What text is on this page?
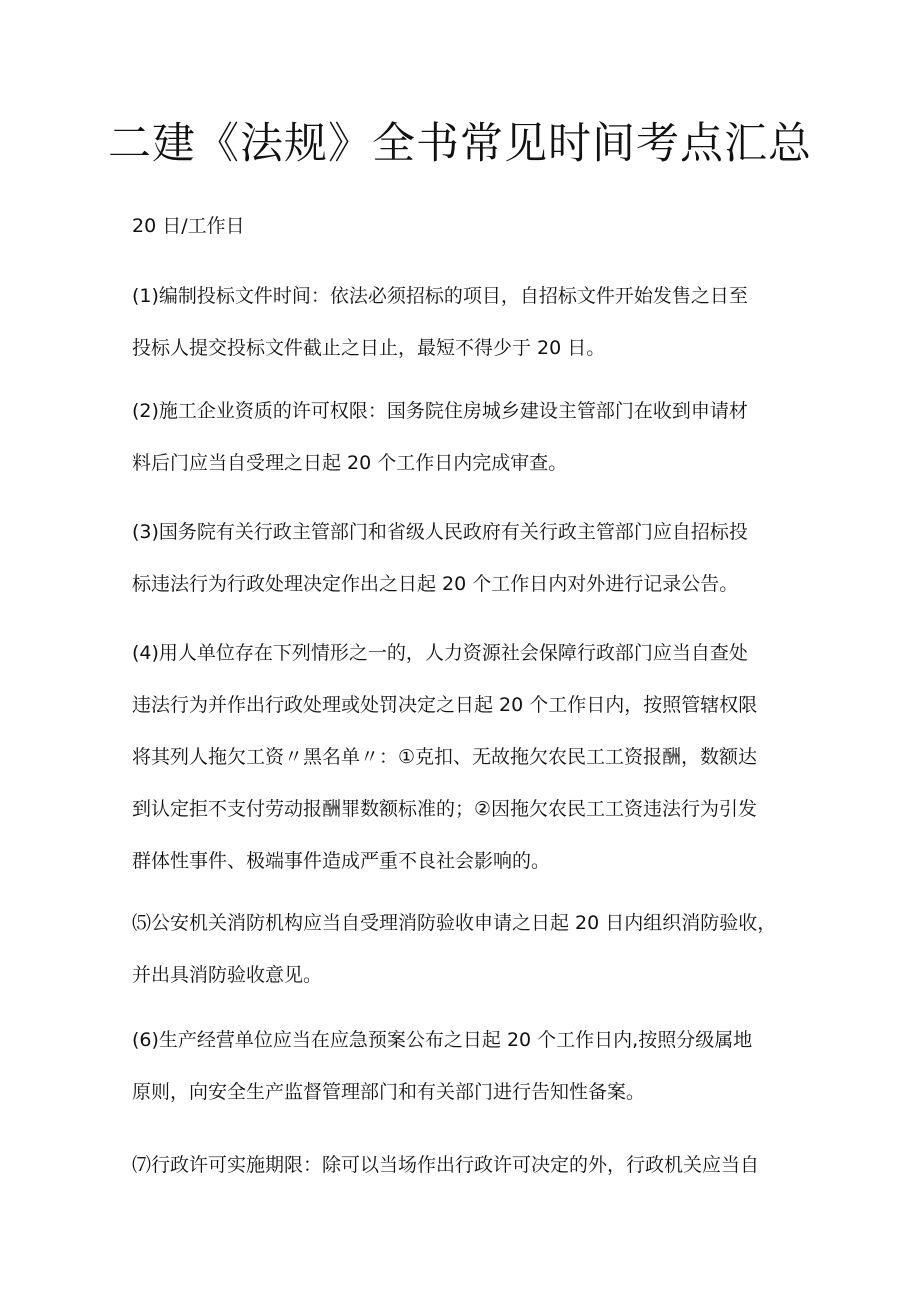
二建《法规》全书常见时间考点汇总

20 日/工作日

(1)编制投标文件时间：依法必须招标的项目，自招标文件开始发售之日至
投标人提交投标文件截止之日止，最短不得少于 20 日。
(2)施工企业资质的许可权限：国务院住房城乡建设主管部门在收到申请材
料后门应当自受理之日起 20 个工作日内完成审查。
(3)国务院有关行政主管部门和省级人民政府有关行政主管部门应自招标投
标违法行为行政处理决定作出之日起 20 个工作日内对外进行记录公告。
(4)用人单位存在下列情形之一的，人力资源社会保障行政部门应当自查处
违法行为并作出行政处理或处罚决定之日起 20 个工作日内，按照管辖权限
将其列人拖欠工资〃黑名单〃：①克扣、无故拖欠农民工工资报酬，数额达
到认定拒不支付劳动报酬罪数额标准的；②因拖欠农民工工资违法行为引发
群体性事件、极端事件造成严重不良社会影响的。
⑸公安机关消防机构应当自受理消防验收申请之日起 20 日内组织消防验收，
并出具消防验收意见。
(6)生产经营单位应当在应急预案公布之日起 20 个工作日内,按照分级属地
原则，向安全生产监督管理部门和有关部门进行告知性备案。
⑺行政许可实施期限：除可以当场作出行政许可决定的外，行政机关应当自
